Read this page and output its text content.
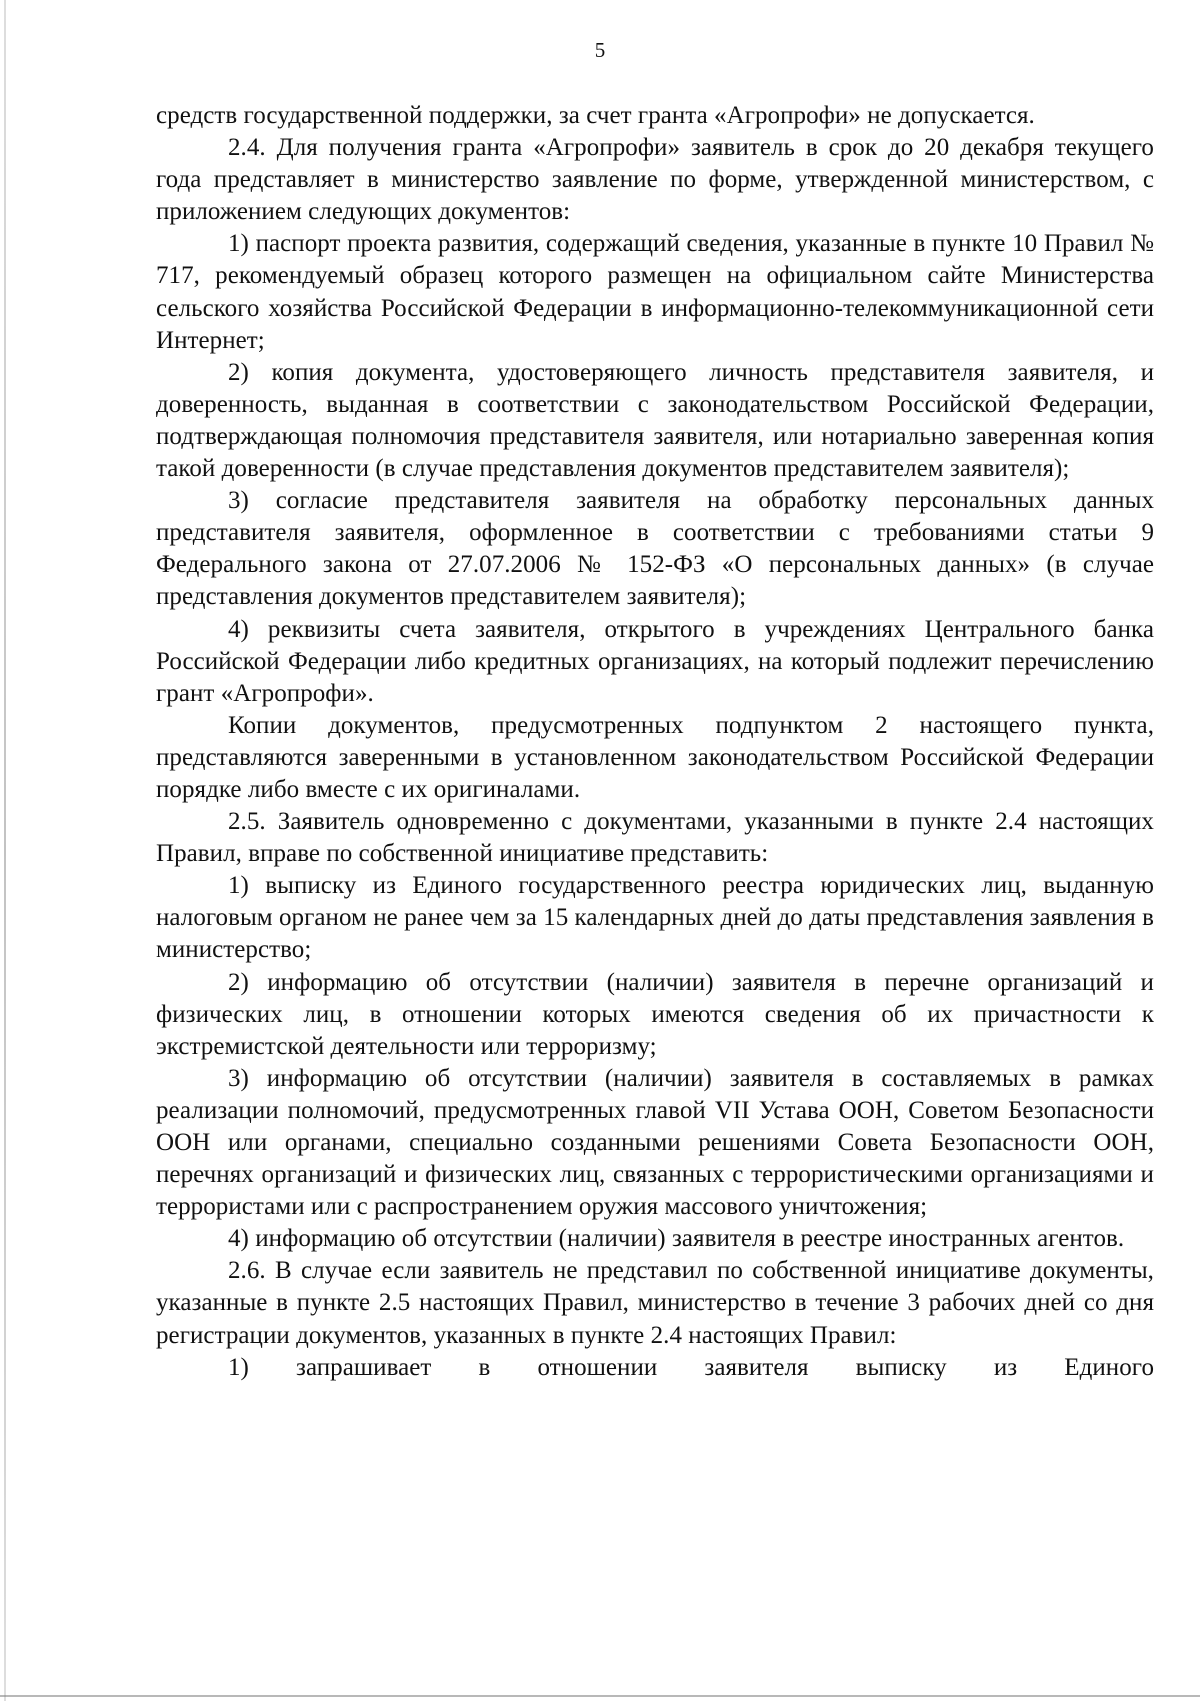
5

средств государственной поддержки, за счет гранта «Агропрофи» не допускается.

2.4. Для получения гранта «Агропрофи» заявитель в срок до 20 декабря текущего года представляет в министерство заявление по форме, утвержденной министерством, с приложением следующих документов:

1) паспорт проекта развития, содержащий сведения, указанные в пункте 10 Правил № 717, рекомендуемый образец которого размещен на официальном сайте Министерства сельского хозяйства Российской Федерации в информационно-телекоммуникационной сети Интернет;

2) копия документа, удостоверяющего личность представителя заявителя, и доверенность, выданная в соответствии с законодательством Российской Федерации, подтверждающая полномочия представителя заявителя, или нотариально заверенная копия такой доверенности (в случае представления документов представителем заявителя);

3) согласие представителя заявителя на обработку персональных данных представителя заявителя, оформленное в соответствии с требованиями статьи 9 Федерального закона от 27.07.2006 № 152-ФЗ «О персональных данных» (в случае представления документов представителем заявителя);

4) реквизиты счета заявителя, открытого в учреждениях Центрального банка Российской Федерации либо кредитных организациях, на который подлежит перечислению грант «Агропрофи».

Копии документов, предусмотренных подпунктом 2 настоящего пункта, представляются заверенными в установленном законодательством Российской Федерации порядке либо вместе с их оригиналами.

2.5. Заявитель одновременно с документами, указанными в пункте 2.4 настоящих Правил, вправе по собственной инициативе представить:

1) выписку из Единого государственного реестра юридических лиц, выданную налоговым органом не ранее чем за 15 календарных дней до даты представления заявления в министерство;

2) информацию об отсутствии (наличии) заявителя в перечне организаций и физических лиц, в отношении которых имеются сведения об их причастности к экстремистской деятельности или терроризму;

3) информацию об отсутствии (наличии) заявителя в составляемых в рамках реализации полномочий, предусмотренных главой VII Устава ООН, Советом Безопасности ООН или органами, специально созданными решениями Совета Безопасности ООН, перечнях организаций и физических лиц, связанных с террористическими организациями и террористами или с распространением оружия массового уничтожения;

4) информацию об отсутствии (наличии) заявителя в реестре иностранных агентов.

2.6. В случае если заявитель не представил по собственной инициативе документы, указанные в пункте 2.5 настоящих Правил, министерство в течение 3 рабочих дней со дня регистрации документов, указанных в пункте 2.4 настоящих Правил:

1) запрашивает в отношении заявителя выписку из Единого
